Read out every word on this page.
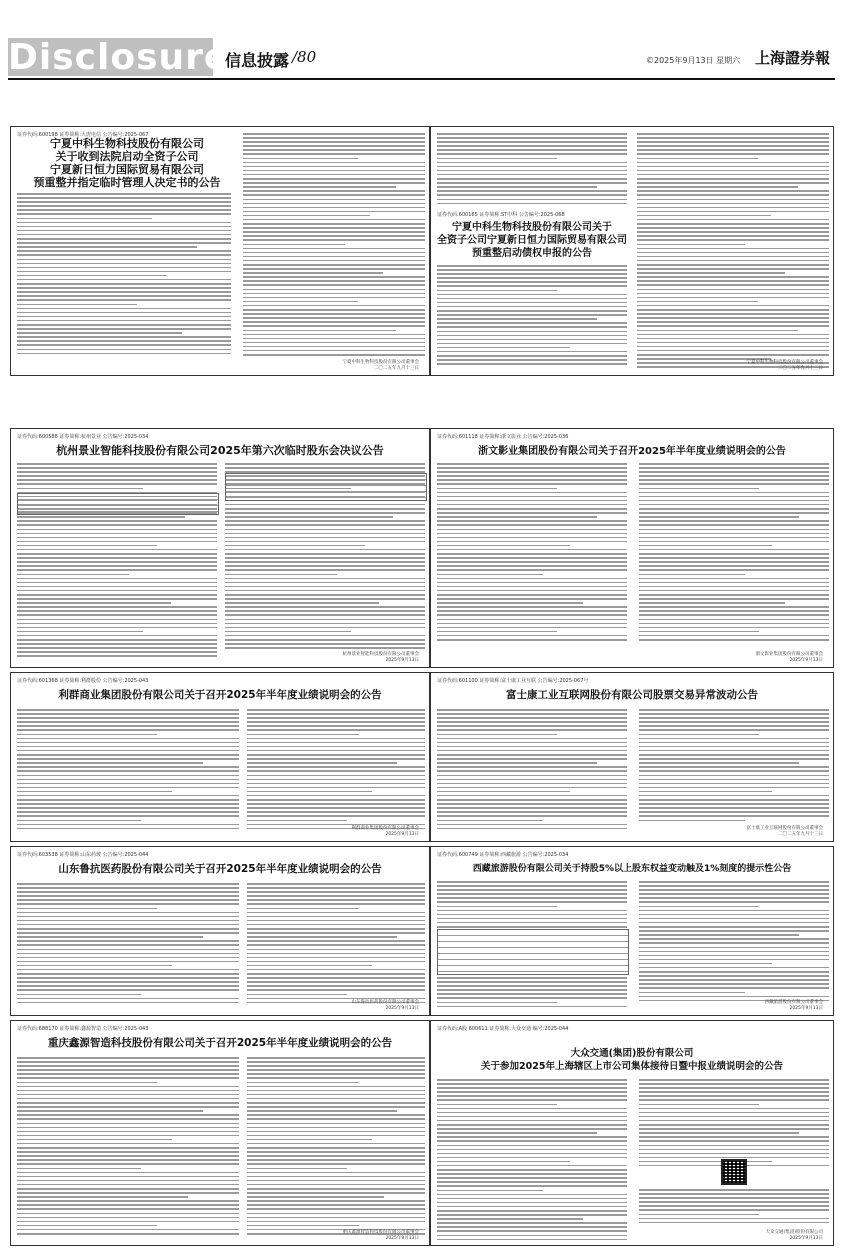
Disclosure
信息披露 /80	©2025年9月13日 星期六 上海證券報
证券代码:600198 证券简称:大唐电信 公告编号:2025-067
宁夏中科生物科技股份有限公司
关于收到法院启动全资子公司
宁夏新日恒力国际贸易有限公司
预重整并指定临时管理人决定书的公告
宁夏中科生物科技股份有限公司董事会
二〇二五年九月十三日
证券代码:600165 证券简称:ST中科 公告编号:2025-068
宁夏中科生物科技股份有限公司关于
全资子公司宁夏新日恒力国际贸易有限公司
预重整启动债权申报的公告
宁夏中科生物科技股份有限公司董事会
二〇二五年九月十三日
证券代码:600588 证券简称:杭州景业 公告编号:2025-034
杭州景业智能科技股份有限公司2025年第六次临时股东会决议公告
杭州景业智能科技股份有限公司董事会
2025年9月13日
证券代码:601118 证券简称:浙文影业 公告编号:2025-036
浙文影业集团股份有限公司关于召开2025年半年度业绩说明会的公告
浙文影业集团股份有限公司董事会
2025年9月13日
证券代码:601368 证券简称:利群股份 公告编号:2025-043
利群商业集团股份有限公司关于召开2025年半年度业绩说明会的公告
利群商业集团股份有限公司董事会
2025年9月13日
证券代码:601100 证券简称:富士康工业互联 公告编号:2025-067号
富士康工业互联网股份有限公司股票交易异常波动公告
富士康工业互联网股份有限公司董事会
二〇二五年九月十三日
证券代码:603538 证券简称:山东药玻 公告编号:2025-044
山东鲁抗医药股份有限公司关于召开2025年半年度业绩说明会的公告
山东鲁抗医药股份有限公司董事会
2025年9月13日
证券代码:600749 证券简称:西藏旅游 公告编号:2025-034
西藏旅游股份有限公司关于持股5%以上股东权益变动触及1%刻度的提示性公告
西藏旅游股份有限公司董事会
2025年9月13日
证券代码:688170 证券简称:鑫源智造 公告编号:2025-043
重庆鑫源智造科技股份有限公司关于召开2025年半年度业绩说明会的公告
重庆鑫源智造科技股份有限公司董事会
2025年9月13日
证券代码:A股 600611 证券简称:大众交通 编号:2025-044
大众交通(集团)股份有限公司
关于参加2025年上海辖区上市公司集体接待日暨中报业绩说明会的公告
大众交通(集团)股份有限公司
2025年9月13日
